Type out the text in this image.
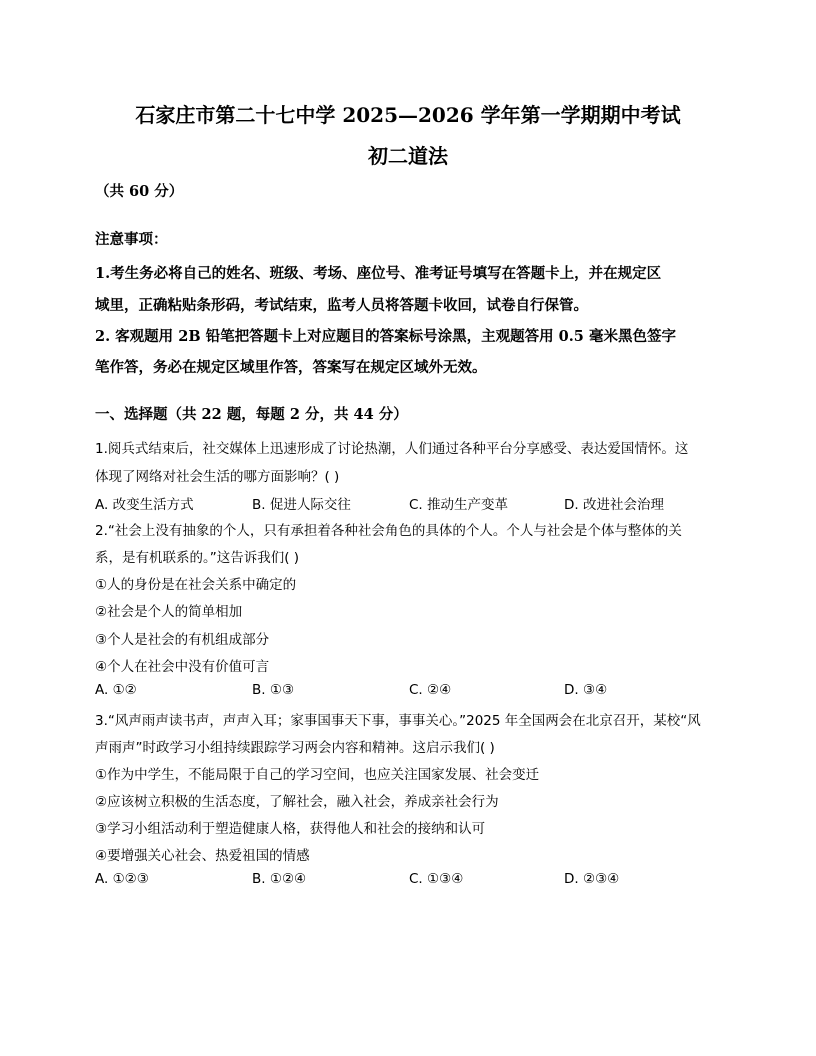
石家庄市第二十七中学 2025—2026 学年第一学期期中考试
初二道法
（共 60 分）
注意事项：
1.考生务必将自己的姓名、班级、考场、座位号、准考证号填写在答题卡上，并在规定区
域里，正确粘贴条形码，考试结束，监考人员将答题卡收回，试卷自行保管。
2. 客观题用 2B 铅笔把答题卡上对应题目的答案标号涂黑，主观题答用 0.5 毫米黑色签字
笔作答，务必在规定区域里作答，答案写在规定区域外无效。
一、选择题（共 22 题，每题 2 分，共 44 分）
1.阅兵式结束后，社交媒体上迅速形成了讨论热潮，人们通过各种平台分享感受、表达爱国情怀。这
体现了网络对社会生活的哪方面影响？( )
A. 改变生活方式	B. 促进人际交往	C. 推动生产变革	D. 改进社会治理
2.“社会上没有抽象的个人，只有承担着各种社会角色的具体的个人。个人与社会是个体与整体的关
系，是有机联系的。”这告诉我们( )
①人的身份是在社会关系中确定的
②社会是个人的简单相加
③个人是社会的有机组成部分
④个人在社会中没有价值可言
A. ①②	B. ①③	C. ②④	D. ③④
3.“风声雨声读书声，声声入耳；家事国事天下事，事事关心。”2025 年全国两会在北京召开，某校“风
声雨声”时政学习小组持续跟踪学习两会内容和精神。这启示我们( )
①作为中学生，不能局限于自己的学习空间，也应关注国家发展、社会变迁
②应该树立积极的生活态度，了解社会，融入社会，养成亲社会行为
③学习小组活动利于塑造健康人格，获得他人和社会的接纳和认可
④要增强关心社会、热爱祖国的情感
A. ①②③	B. ①②④	C. ①③④	D. ②③④
